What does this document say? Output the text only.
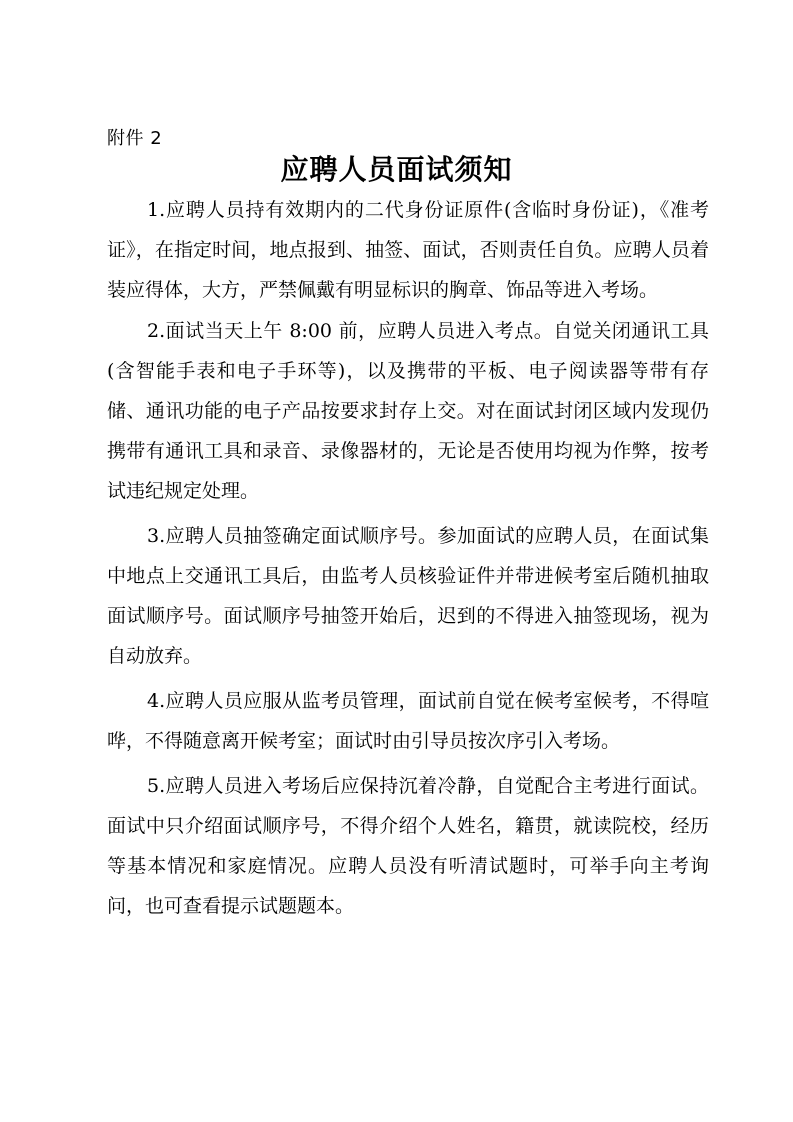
附件 2
应聘人员面试须知

1.应聘人员持有效期内的二代身份证原件(含临时身份证)，《准考证》，在指定时间，地点报到、抽签、面试，否则责任自负。应聘人员着装应得体，大方，严禁佩戴有明显标识的胸章、饰品等进入考场。

2.面试当天上午 8:00 前，应聘人员进入考点。自觉关闭通讯工具(含智能手表和电子手环等)，以及携带的平板、电子阅读器等带有存储、通讯功能的电子产品按要求封存上交。对在面试封闭区域内发现仍携带有通讯工具和录音、录像器材的，无论是否使用均视为作弊，按考试违纪规定处理。

3.应聘人员抽签确定面试顺序号。参加面试的应聘人员，在面试集中地点上交通讯工具后，由监考人员核验证件并带进候考室后随机抽取面试顺序号。面试顺序号抽签开始后，迟到的不得进入抽签现场，视为自动放弃。

4.应聘人员应服从监考员管理，面试前自觉在候考室候考，不得喧哗，不得随意离开候考室；面试时由引导员按次序引入考场。

5.应聘人员进入考场后应保持沉着冷静，自觉配合主考进行面试。面试中只介绍面试顺序号，不得介绍个人姓名，籍贯，就读院校，经历等基本情况和家庭情况。应聘人员没有听清试题时，可举手向主考询问，也可查看提示试题题本。
